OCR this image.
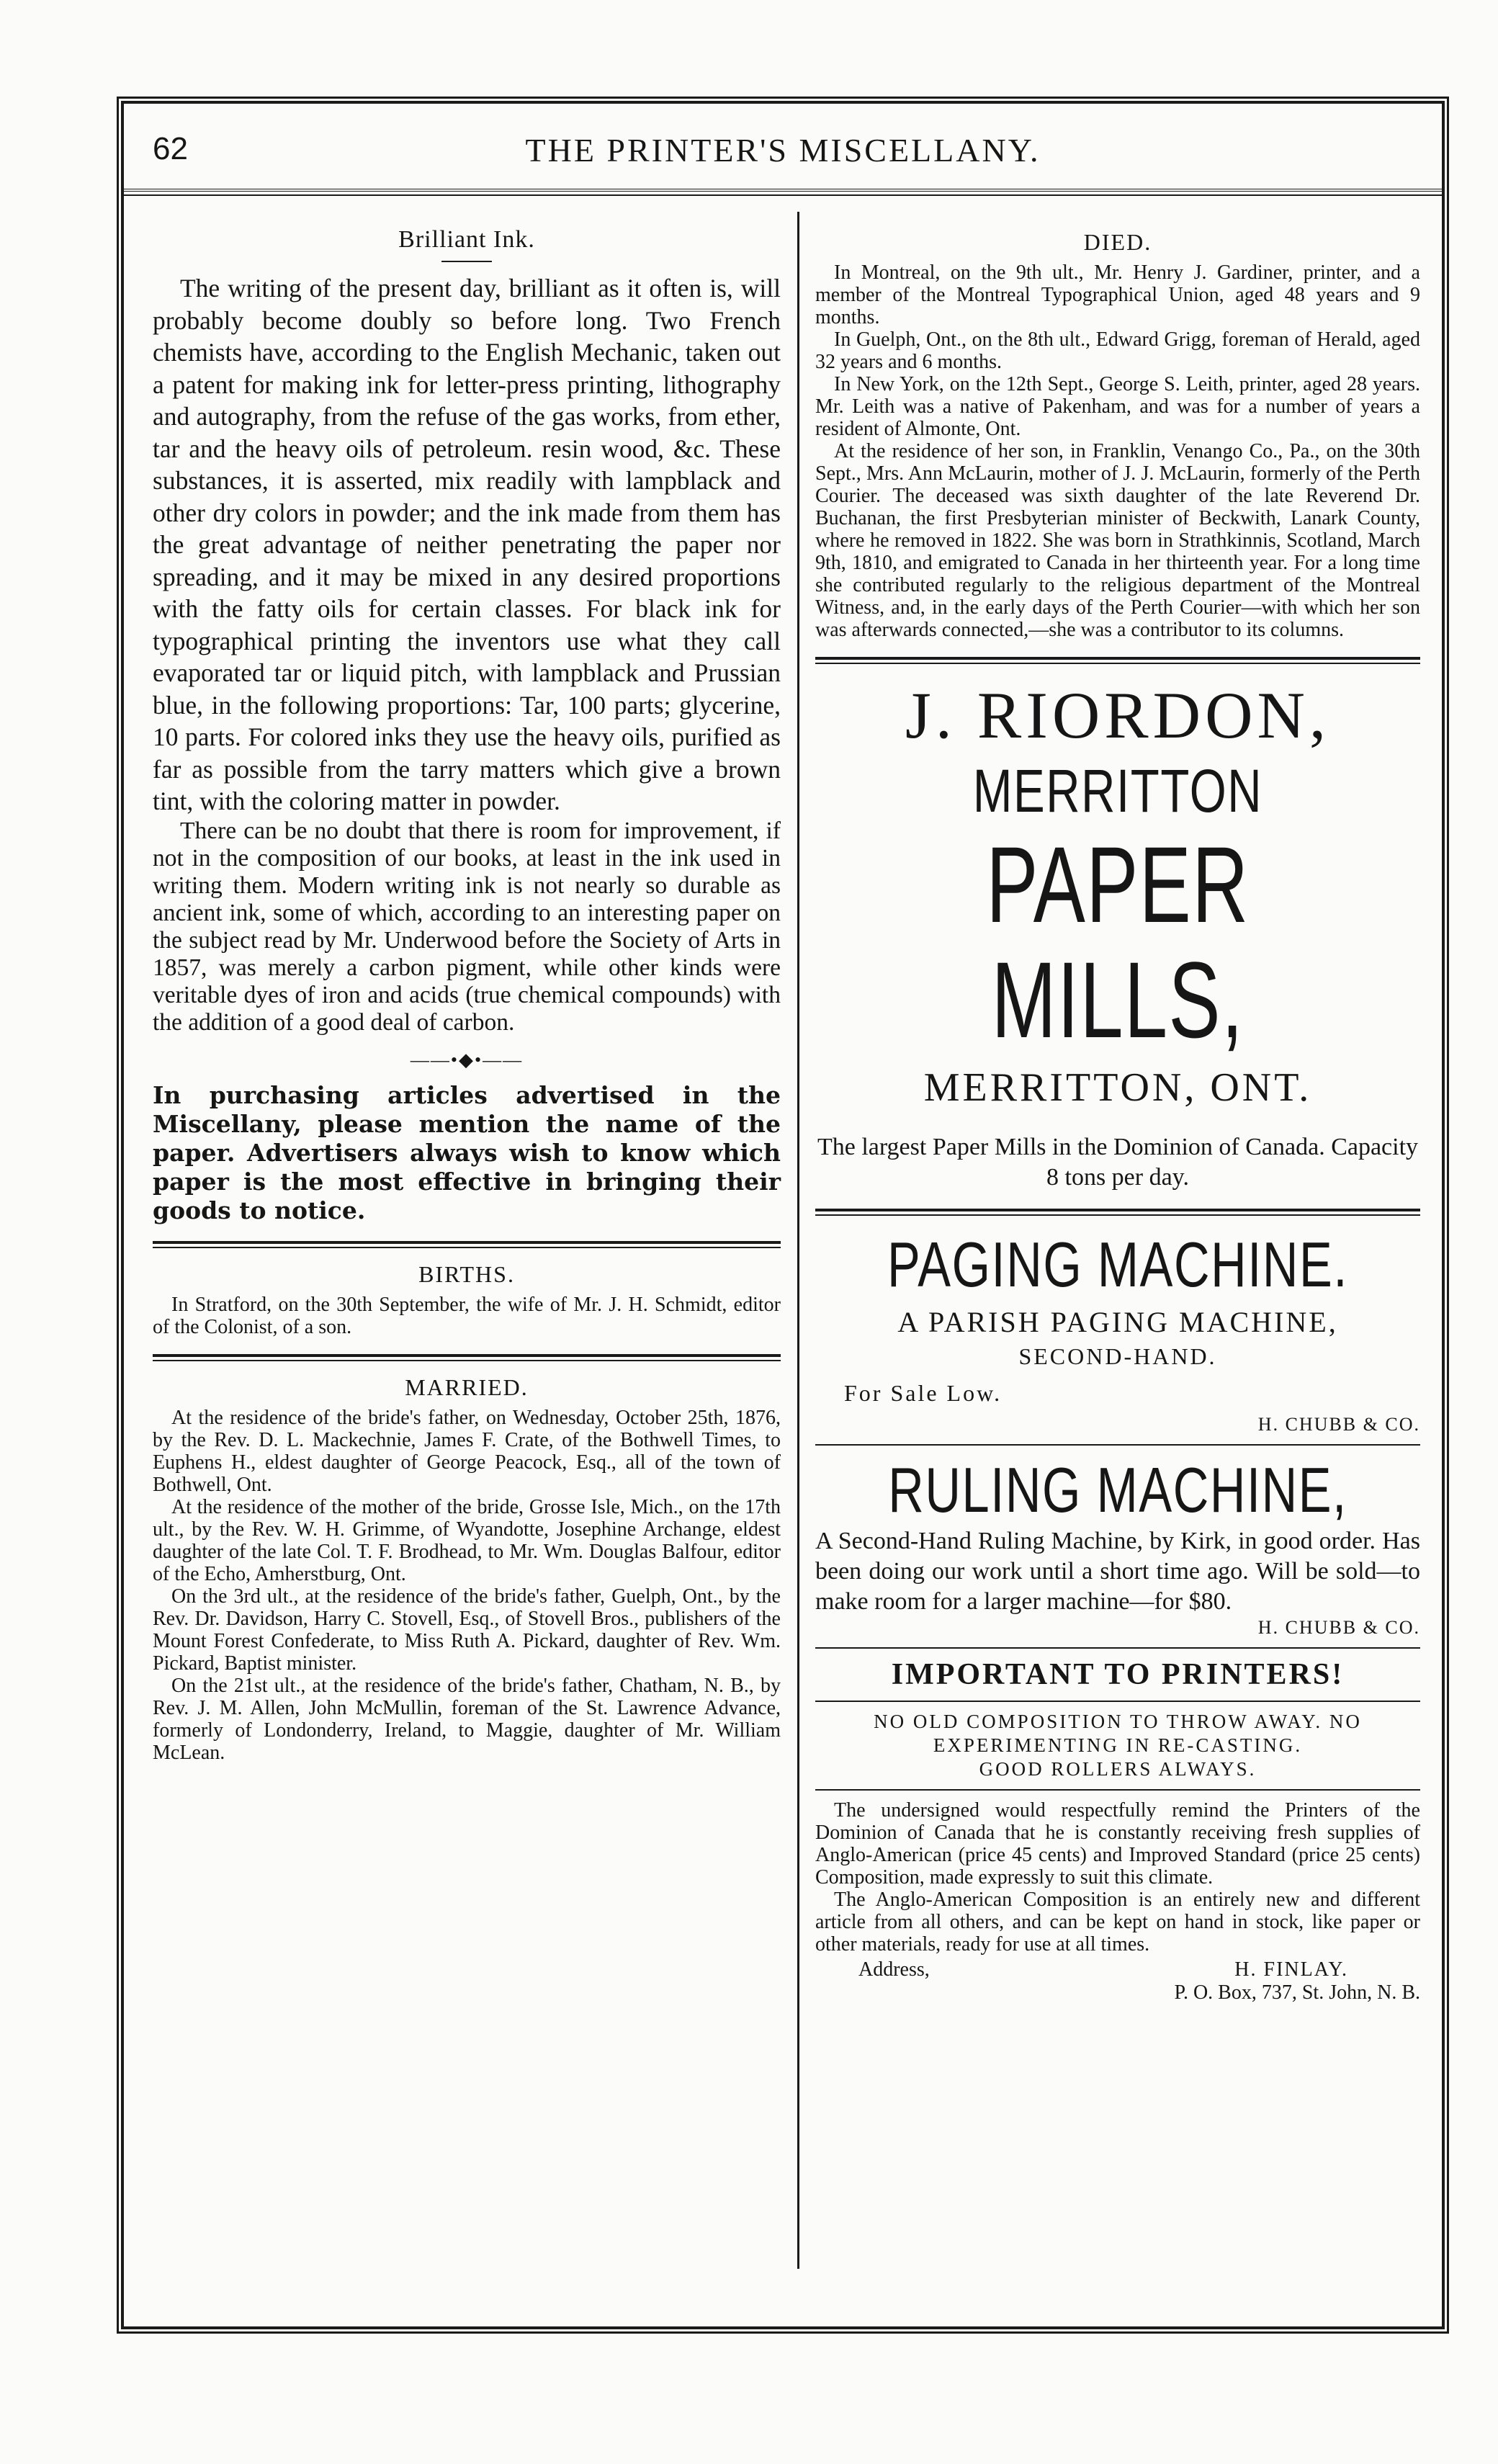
62	THE PRINTER'S MISCELLANY.
Brilliant Ink.

The writing of the present day, brilliant as it often is, will probably become doubly so before long. Two French chemists have, according to the English Mechanic, taken out a patent for making ink for letter-press printing, lithography and autography, from the refuse of the gas works, from ether, tar and the heavy oils of petroleum. resin wood, &c. These substances, it is asserted, mix readily with lampblack and other dry colors in powder; and the ink made from them has the great advantage of neither penetrating the paper nor spreading, and it may be mixed in any desired proportions with the fatty oils for certain classes. For black ink for typographical printing the inventors use what they call evaporated tar or liquid pitch, with lampblack and Prussian blue, in the following proportions: Tar, 100 parts; glycerine, 10 parts. For colored inks they use the heavy oils, purified as far as possible from the tarry matters which give a brown tint, with the coloring matter in powder.

There can be no doubt that there is room for improvement, if not in the composition of our books, at least in the ink used in writing them. Modern writing ink is not nearly so durable as ancient ink, some of which, according to an interesting paper on the subject read by Mr. Underwood before the Society of Arts in 1857, was merely a carbon pigment, while other kinds were veritable dyes of iron and acids (true chemical compounds) with the addition of a good deal of carbon.

——•◆•——

In purchasing articles advertised in the Miscellany, please mention the name of the paper. Advertisers always wish to know which paper is the most effective in bringing their goods to notice.

BIRTHS.

In Stratford, on the 30th September, the wife of Mr. J. H. Schmidt, editor of the Colonist, of a son.

MARRIED.

At the residence of the bride's father, on Wednesday, October 25th, 1876, by the Rev. D. L. Mackechnie, James F. Crate, of the Bothwell Times, to Euphens H., eldest daughter of George Peacock, Esq., all of the town of Bothwell, Ont.

At the residence of the mother of the bride, Grosse Isle, Mich., on the 17th ult., by the Rev. W. H. Grimme, of Wyandotte, Josephine Archange, eldest daughter of the late Col. T. F. Brodhead, to Mr. Wm. Douglas Balfour, editor of the Echo, Amherstburg, Ont.

On the 3rd ult., at the residence of the bride's father, Guelph, Ont., by the Rev. Dr. Davidson, Harry C. Stovell, Esq., of Stovell Bros., publishers of the Mount Forest Confederate, to Miss Ruth A. Pickard, daughter of Rev. Wm. Pickard, Baptist minister.

On the 21st ult., at the residence of the bride's father, Chatham, N. B., by Rev. J. M. Allen, John McMullin, foreman of the St. Lawrence Advance, formerly of Londonderry, Ireland, to Maggie, daughter of Mr. William McLean.

DIED.

In Montreal, on the 9th ult., Mr. Henry J. Gardiner, printer, and a member of the Montreal Typographical Union, aged 48 years and 9 months.

In Guelph, Ont., on the 8th ult., Edward Grigg, foreman of Herald, aged 32 years and 6 months.

In New York, on the 12th Sept., George S. Leith, printer, aged 28 years. Mr. Leith was a native of Pakenham, and was for a number of years a resident of Almonte, Ont.

At the residence of her son, in Franklin, Venango Co., Pa., on the 30th Sept., Mrs. Ann McLaurin, mother of J. J. McLaurin, formerly of the Perth Courier. The deceased was sixth daughter of the late Reverend Dr. Buchanan, the first Presbyterian minister of Beckwith, Lanark County, where he removed in 1822. She was born in Strathkinnis, Scotland, March 9th, 1810, and emigrated to Canada in her thirteenth year. For a long time she contributed regularly to the religious department of the Montreal Witness, and, in the early days of the Perth Courier—with which her son was afterwards connected,—she was a contributor to its columns.

J. RIORDON,
MERRITTON
PAPER MILLS,
MERRITTON, ONT.

The largest Paper Mills in the Dominion of Canada. Capacity 8 tons per day.

PAGING MACHINE.
A PARISH PAGING MACHINE,
SECOND-HAND.
For Sale Low.
H. CHUBB & CO.
RULING MACHINE,

A Second-Hand Ruling Machine, by Kirk, in good order. Has been doing our work until a short time ago. Will be sold—to make room for a larger machine—for $80.

H. CHUBB & CO.
IMPORTANT TO PRINTERS!
NO OLD COMPOSITION TO THROW AWAY. NO
EXPERIMENTING IN RE-CASTING.
GOOD ROLLERS ALWAYS.

The undersigned would respectfully remind the Printers of the Dominion of Canada that he is constantly receiving fresh supplies of Anglo-American (price 45 cents) and Improved Standard (price 25 cents) Composition, made expressly to suit this climate.

The Anglo-American Composition is an entirely new and different article from all others, and can be kept on hand in stock, like paper or other materials, ready for use at all times.

Address,	H. FINLAY.
P. O. Box, 737, St. John, N. B.
